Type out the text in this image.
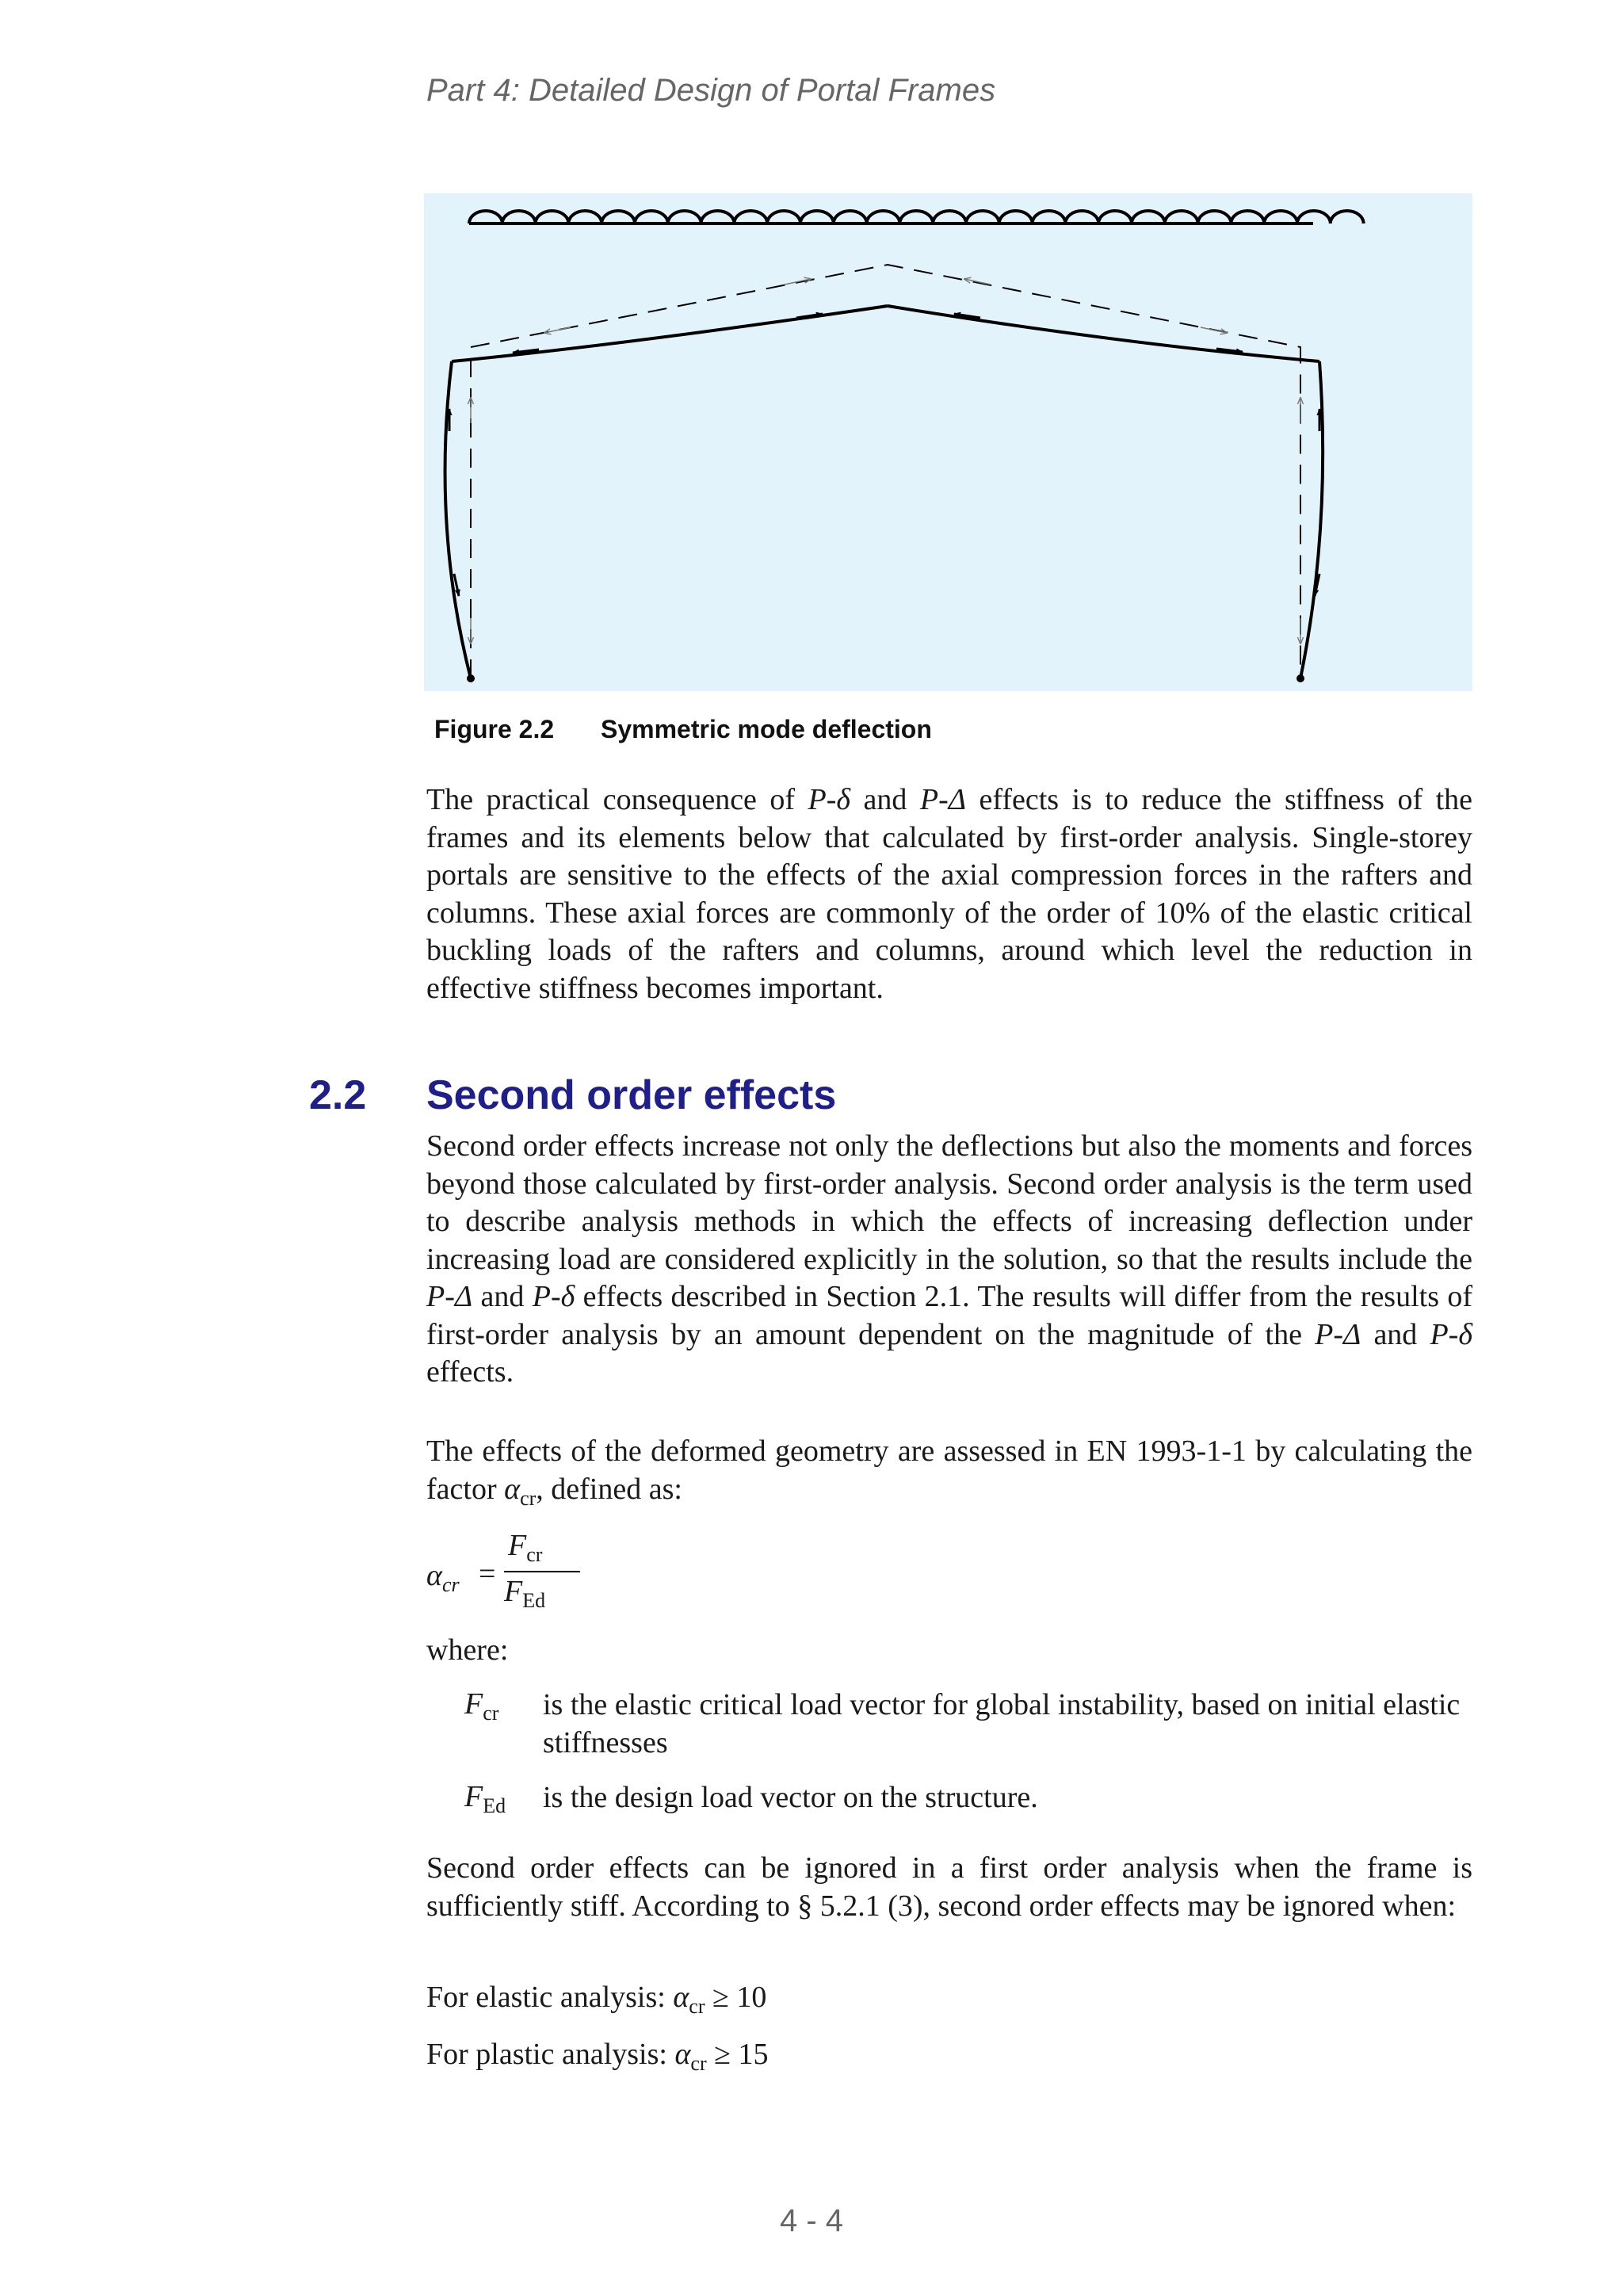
Part 4: Detailed Design of Portal Frames
Figure 2.2 Symmetric mode deflection

The practical consequence of P-δ and P-Δ effects is to reduce the stiffness of the frames and its elements below that calculated by first-order analysis. Single-storey portals are sensitive to the effects of the axial compression forces in the rafters and columns. These axial forces are commonly of the order of 10% of the elastic critical buckling loads of the rafters and columns, around which level the reduction in effective stiffness becomes important.

2.2 Second order effects

Second order effects increase not only the deflections but also the moments and forces beyond those calculated by first-order analysis. Second order analysis is the term used to describe analysis methods in which the effects of increasing deflection under increasing load are considered explicitly in the solution, so that the results include the P-Δ and P-δ effects described in Section 2.1. The results will differ from the results of first-order analysis by an amount dependent on the magnitude of the P-Δ and P-δ effects.

The effects of the deformed geometry are assessed in EN 1993-1-1 by calculating the factor $\alpha_{cr}$, defined as:

$\alpha_{cr}$ =
$F_{cr}$
$F_{Ed}$
where:
$F_{cr}$ is the elastic critical load vector for global instability, based on initial elastic stiffnesses
$F_{Ed}$ is the design load vector on the structure.

Second order effects can be ignored in a first order analysis when the frame is sufficiently stiff. According to § 5.2.1 (3), second order effects may be ignored when:

For elastic analysis: $\alpha_{cr} \ge 10$
For plastic analysis: $\alpha_{cr} \ge 15$
4 - 4
